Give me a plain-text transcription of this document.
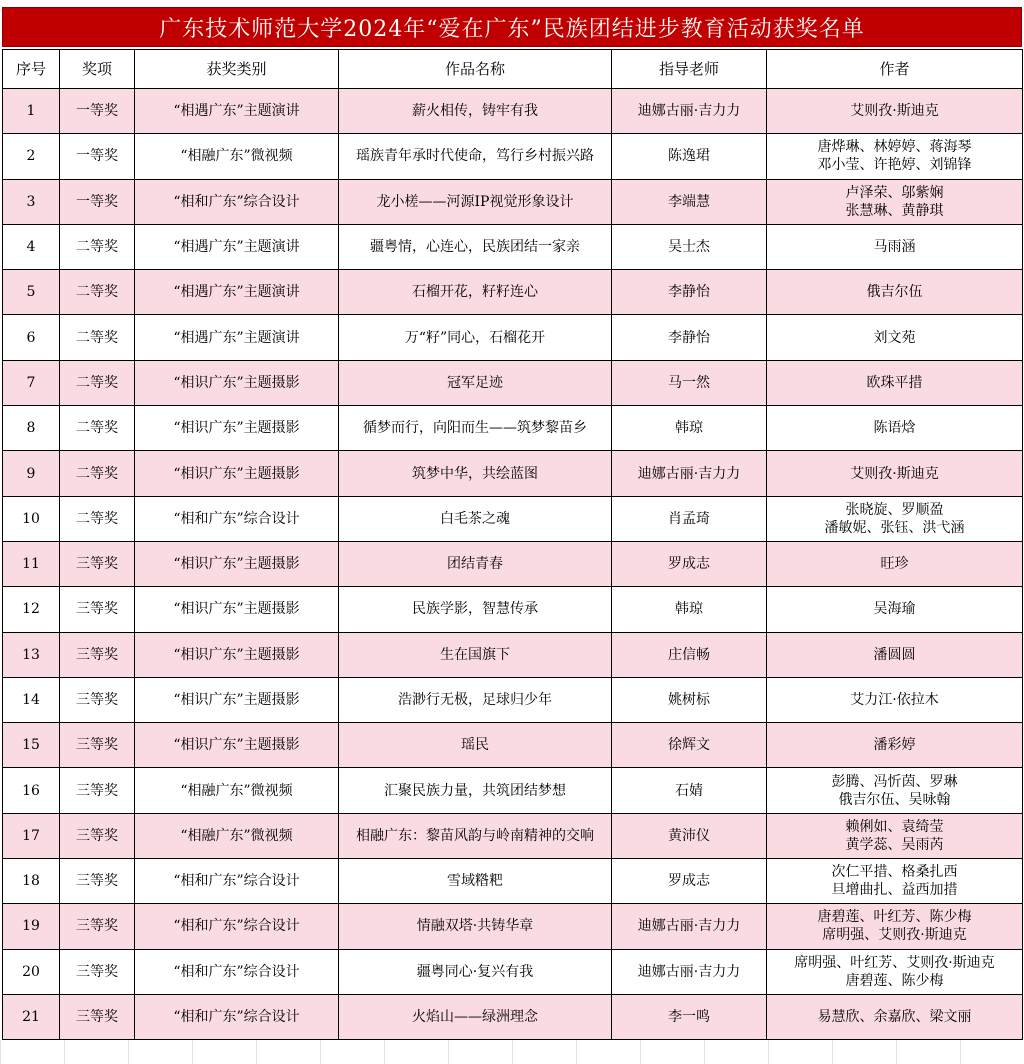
广东技术师范大学2024年“爱在广东”民族团结进步教育活动获奖名单
序号	奖项	获奖类别	作品名称	指导老师	作者
1	一等奖	“相遇广东”主题演讲	薪火相传，铸牢有我	迪娜古丽·吉力力	艾则孜·斯迪克

2	一等奖	“相融广东”微视频	瑶族青年承时代使命，笃行乡村振兴路	陈逸珺	唐烨琳、林婷婷、蒋海琴
邓小莹、许艳婷、刘锦锋

3	一等奖	“相和广东”综合设计	龙小槎——河源IP视觉形象设计	李端慧	卢泽荣、邬紫娴
张慧琳、黄静琪

4	二等奖	“相遇广东”主题演讲	疆粤情，心连心，民族团结一家亲	吴士杰	马雨涵

5	二等奖	“相遇广东”主题演讲	石榴开花，籽籽连心	李静怡	俄吉尔伍

6	二等奖	“相遇广东”主题演讲	万“籽”同心，石榴花开	李静怡	刘文苑

7	二等奖	“相识广东”主题摄影	冠军足迹	马一然	欧珠平措

8	二等奖	“相识广东”主题摄影	循梦而行，向阳而生——筑梦黎苗乡	韩琼	陈语焓

9	二等奖	“相识广东”主题摄影	筑梦中华，共绘蓝图	迪娜古丽·吉力力	艾则孜·斯迪克

10	二等奖	“相和广东”综合设计	白毛茶之魂	肖孟琦	张晓旋、罗顺盈
潘敏妮、张钰、洪弋涵

11	三等奖	“相识广东”主题摄影	团结青春	罗成志	旺珍

12	三等奖	“相识广东”主题摄影	民族学影，智慧传承	韩琼	吴海瑜

13	三等奖	“相识广东”主题摄影	生在国旗下	庄信畅	潘圆圆

14	三等奖	“相识广东”主题摄影	浩渺行无极，足球归少年	姚树标	艾力江·依拉木

15	三等奖	“相识广东”主题摄影	瑶民	徐辉文	潘彩婷

16	三等奖	“相融广东”微视频	汇聚民族力量，共筑团结梦想	石婧	彭腾、冯忻茵、罗琳
俄吉尔伍、吴咏翰

17	三等奖	“相融广东”微视频	相融广东：黎苗风韵与岭南精神的交响	黄沛仪	赖俐如、袁绮莹
黄学蕊、吴雨芮

18	三等奖	“相和广东”综合设计	雪域糌粑	罗成志	次仁平措、格桑扎西
旦增曲扎、益西加措

19	三等奖	“相和广东”综合设计	情融双塔·共铸华章	迪娜古丽·吉力力	唐碧莲、叶红芳、陈少梅
席明强、艾则孜·斯迪克

20	三等奖	“相和广东”综合设计	疆粤同心·复兴有我	迪娜古丽·吉力力	席明强、叶红芳、艾则孜·斯迪克
唐碧莲、陈少梅

21	三等奖	“相和广东”综合设计	火焰山——绿洲理念	李一鸣	易慧欣、余嘉欣、梁文丽
